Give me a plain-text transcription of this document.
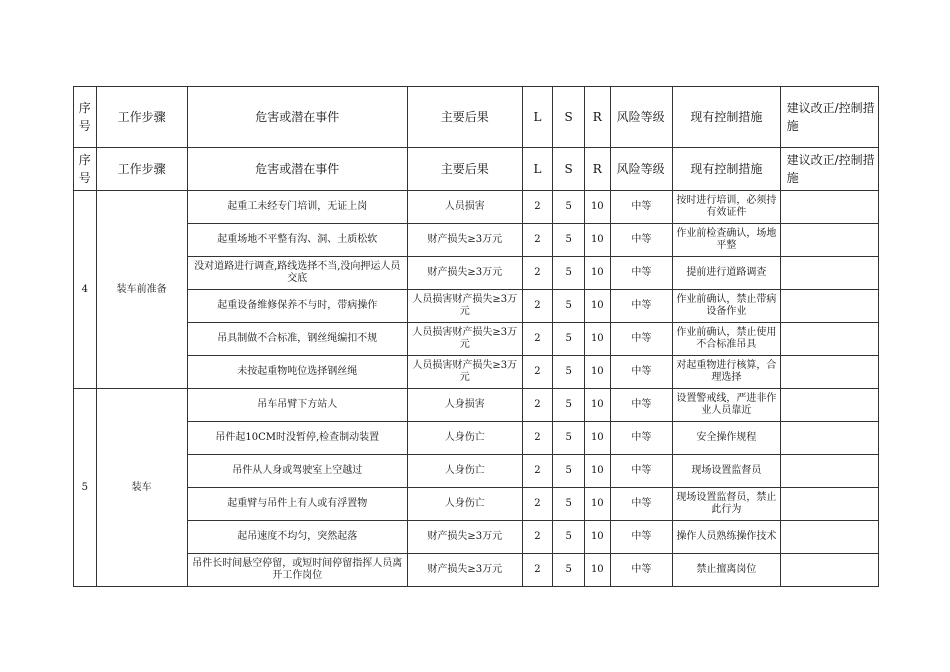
序号	工作步骤	危害或潜在事件	主要后果	L	S	R	风险等级	现有控制措施	建议改正/控制措施
序号	工作步骤	危害或潜在事件	主要后果	L	S	R	风险等级	现有控制措施	建议改正/控制措施
4	装车前准备	起重工未经专门培训，无证上岗	人员损害	2	5	10	中等	按时进行培训，必须持有效证件	
		起重场地不平整有沟、洞、土质松软	财产损失≥3万元	2	5	10	中等	作业前检查确认，场地平整	
		没对道路进行调查,路线选择不当,没向押运人员交底	财产损失≥3万元	2	5	10	中等	提前进行道路调查	
		起重设备维修保养不与时，带病操作	人员损害财产损失≥3万元	2	5	10	中等	作业前确认，禁止带病设备作业	
		吊具制做不合标准，钢丝绳编扣不规	人员损害财产损失≥3万元	2	5	10	中等	作业前确认，禁止使用不合标准吊具	
		未按起重物吨位选择钢丝绳	人员损害财产损失≥3万元	2	5	10	中等	对起重物进行核算，合理选择	
5	装车	吊车吊臂下方站人	人身损害	2	5	10	中等	设置警戒线，严进非作业人员靠近	
		吊件起10CM时没暂停,检查制动装置	人身伤亡	2	5	10	中等	安全操作规程	
		吊件从人身或驾驶室上空越过	人身伤亡	2	5	10	中等	现场设置监督员	
		起重臂与吊件上有人或有浮置物	人身伤亡	2	5	10	中等	现场设置监督员，禁止此行为	
		起吊速度不均匀，突然起落	财产损失≥3万元	2	5	10	中等	操作人员熟练操作技术	
		吊件长时间悬空停留，或短时间停留指挥人员离开工作岗位	财产损失≥3万元	2	5	10	中等	禁止擅离岗位	
